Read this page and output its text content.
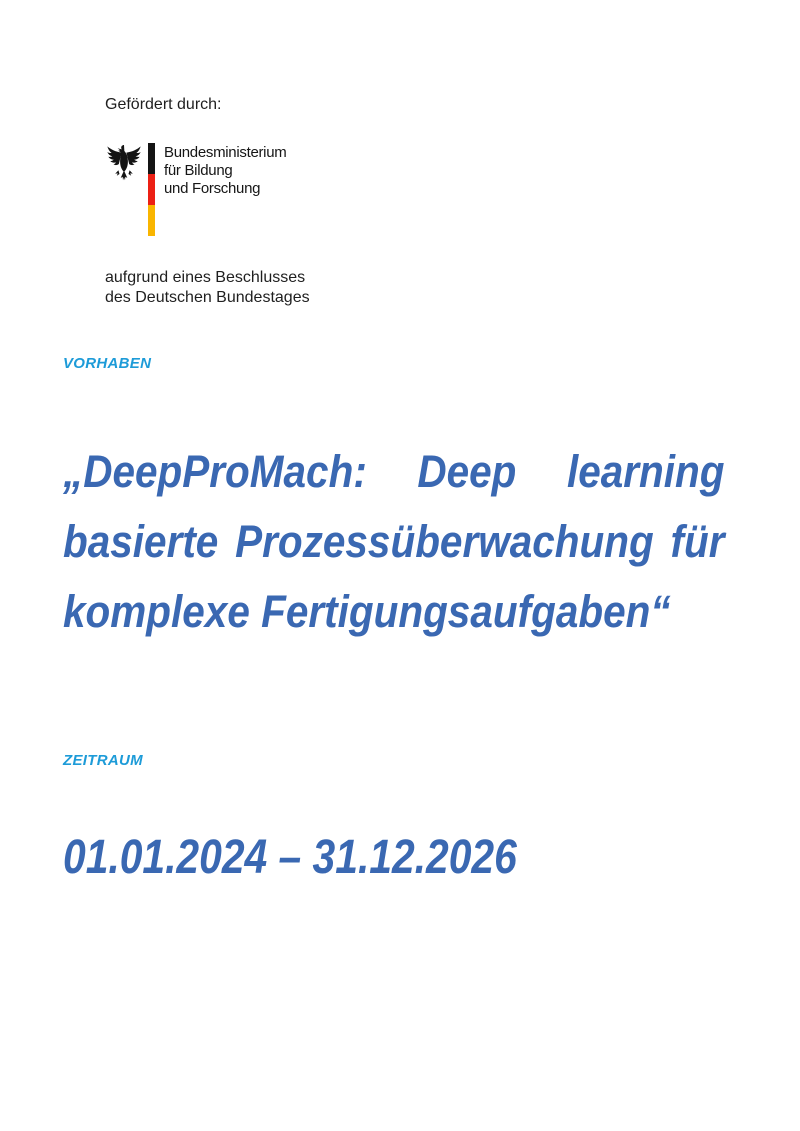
Gefördert durch:
Bundesministerium
für Bildung
und Forschung
aufgrund eines Beschlusses
des Deutschen Bundestages
VORHABEN
„DeepProMach: Deep learning
basierte Prozessüberwachung für
komplexe Fertigungsaufgaben“
ZEITRAUM
01.01.2024 – 31.12.2026
